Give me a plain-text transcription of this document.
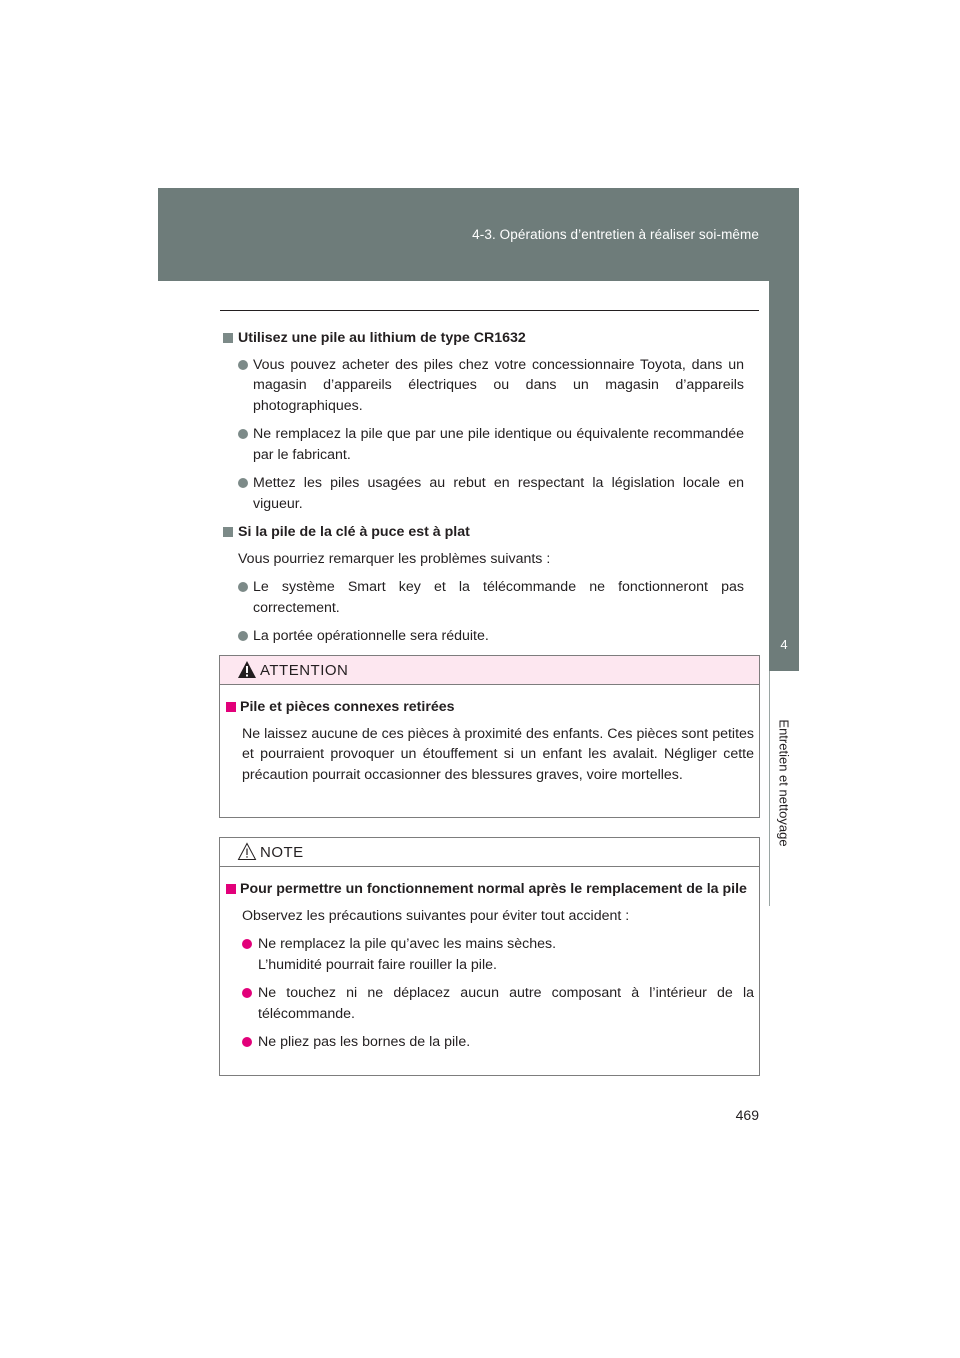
4-3. Opérations d’entretien à réaliser soi-même
4
Entretien et nettoyage
Utilisez une pile au lithium de type CR1632
Vous pouvez acheter des piles chez votre concessionnaire Toyota, dans un magasin d’appareils électriques ou dans un magasin d’appareils photographiques.
Ne remplacez la pile que par une pile identique ou équivalente recommandée par le fabricant.
Mettez les piles usagées au rebut en respectant la législation locale en vigueur.
Si la pile de la clé à puce est à plat
Vous pourriez remarquer les problèmes suivants :
Le système Smart key et la télécommande ne fonctionneront pas correctement.
La portée opérationnelle sera réduite.
ATTENTION
Pile et pièces connexes retirées
Ne laissez aucune de ces pièces à proximité des enfants. Ces pièces sont petites et pourraient provoquer un étouffement si un enfant les avalait. Négliger cette précaution pourrait occasionner des blessures graves, voire mortelles.
NOTE
Pour permettre un fonctionnement normal après le remplacement de la pile
Observez les précautions suivantes pour éviter tout accident :
Ne remplacez la pile qu’avec les mains sèches.
L’humidité pourrait faire rouiller la pile.
Ne touchez ni ne déplacez aucun autre composant à l’intérieur de la télécommande.
Ne pliez pas les bornes de la pile.
469
